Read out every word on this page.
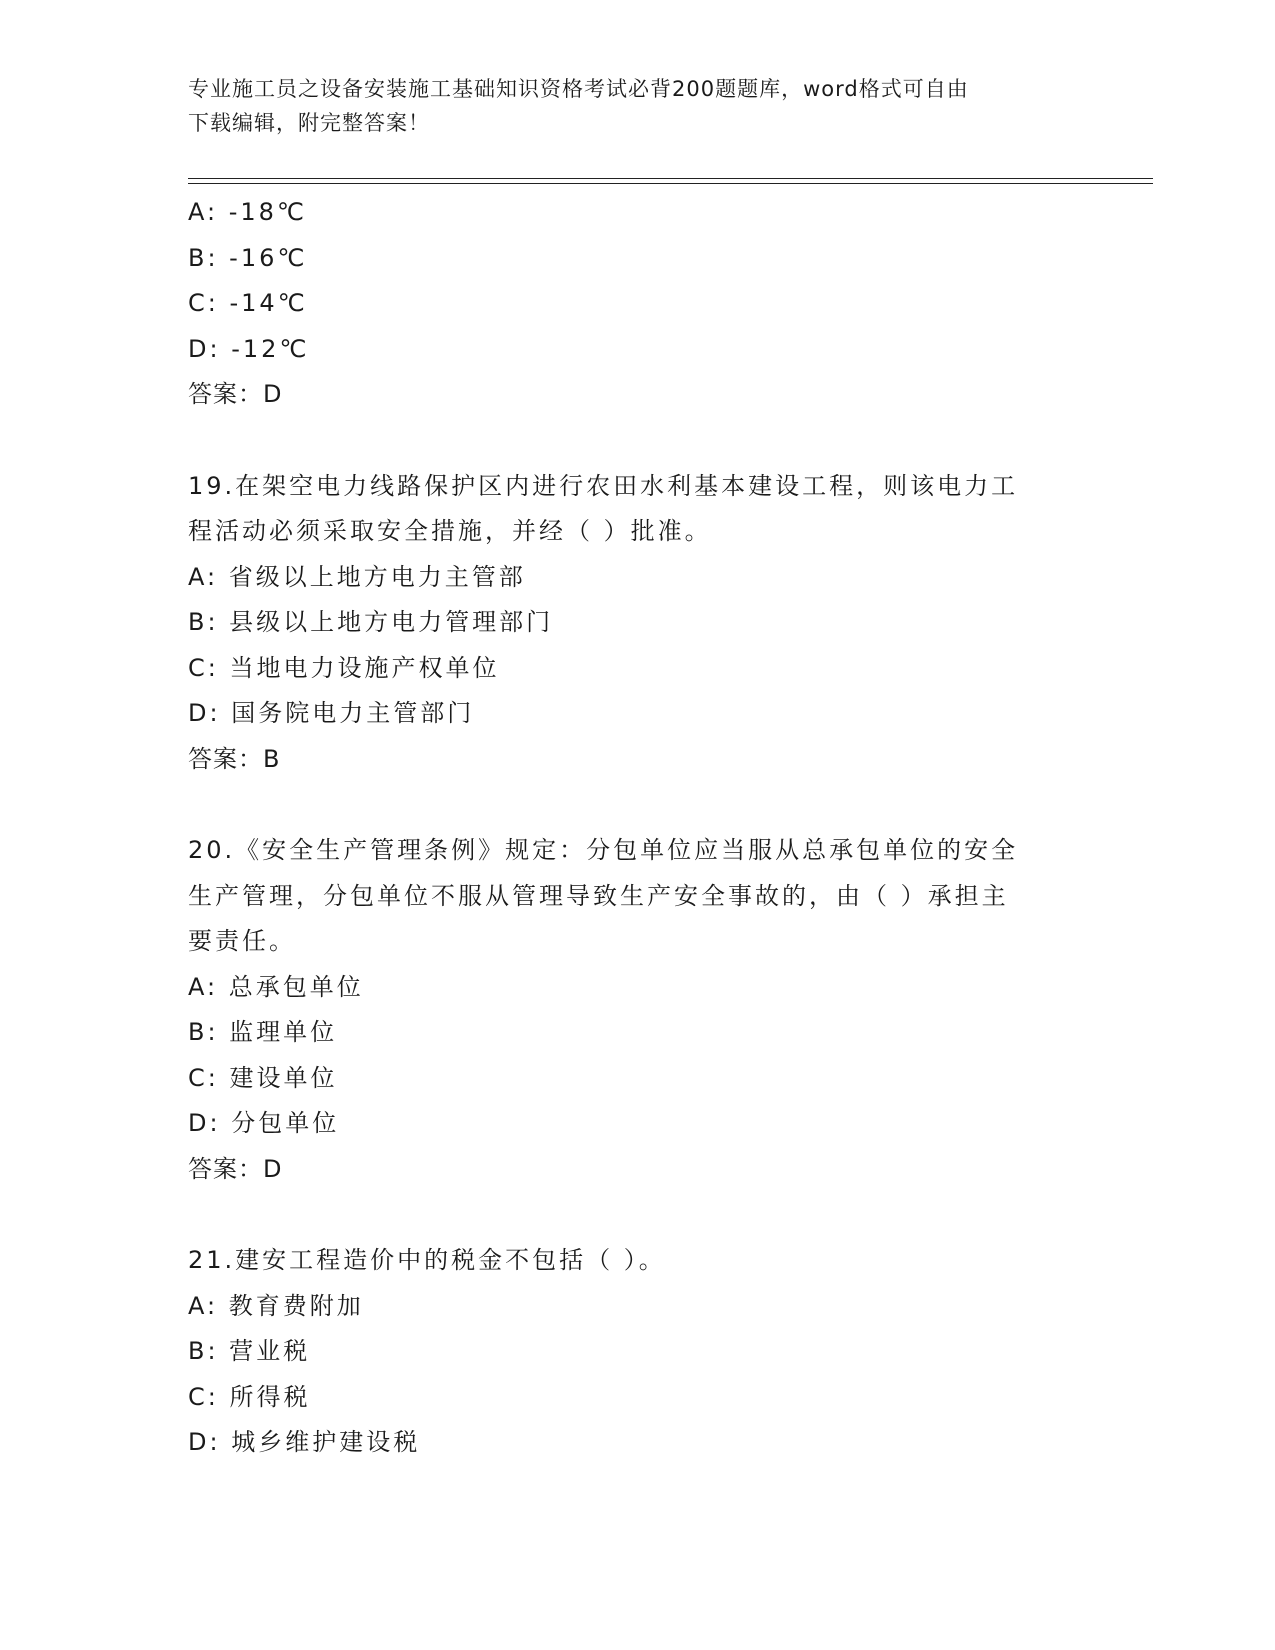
专业施工员之设备安装施工基础知识资格考试必背200题题库，word格式可自由
下载编辑，附完整答案！
A: -18℃
B: -16℃
C: -14℃
D: -12℃
答案：D
19.在架空电力线路保护区内进行农田水利基本建设工程，则该电力工
程活动必须采取安全措施，并经（ ）批准。
A: 省级以上地方电力主管部
B: 县级以上地方电力管理部门
C: 当地电力设施产权单位
D: 国务院电力主管部门
答案：B
20.《安全生产管理条例》规定：分包单位应当服从总承包单位的安全
生产管理，分包单位不服从管理导致生产安全事故的，由（ ）承担主
要责任。
A: 总承包单位
B: 监理单位
C: 建设单位
D: 分包单位
答案：D
21.建安工程造价中的税金不包括（ ）。
A: 教育费附加
B: 营业税
C: 所得税
D: 城乡维护建设税
